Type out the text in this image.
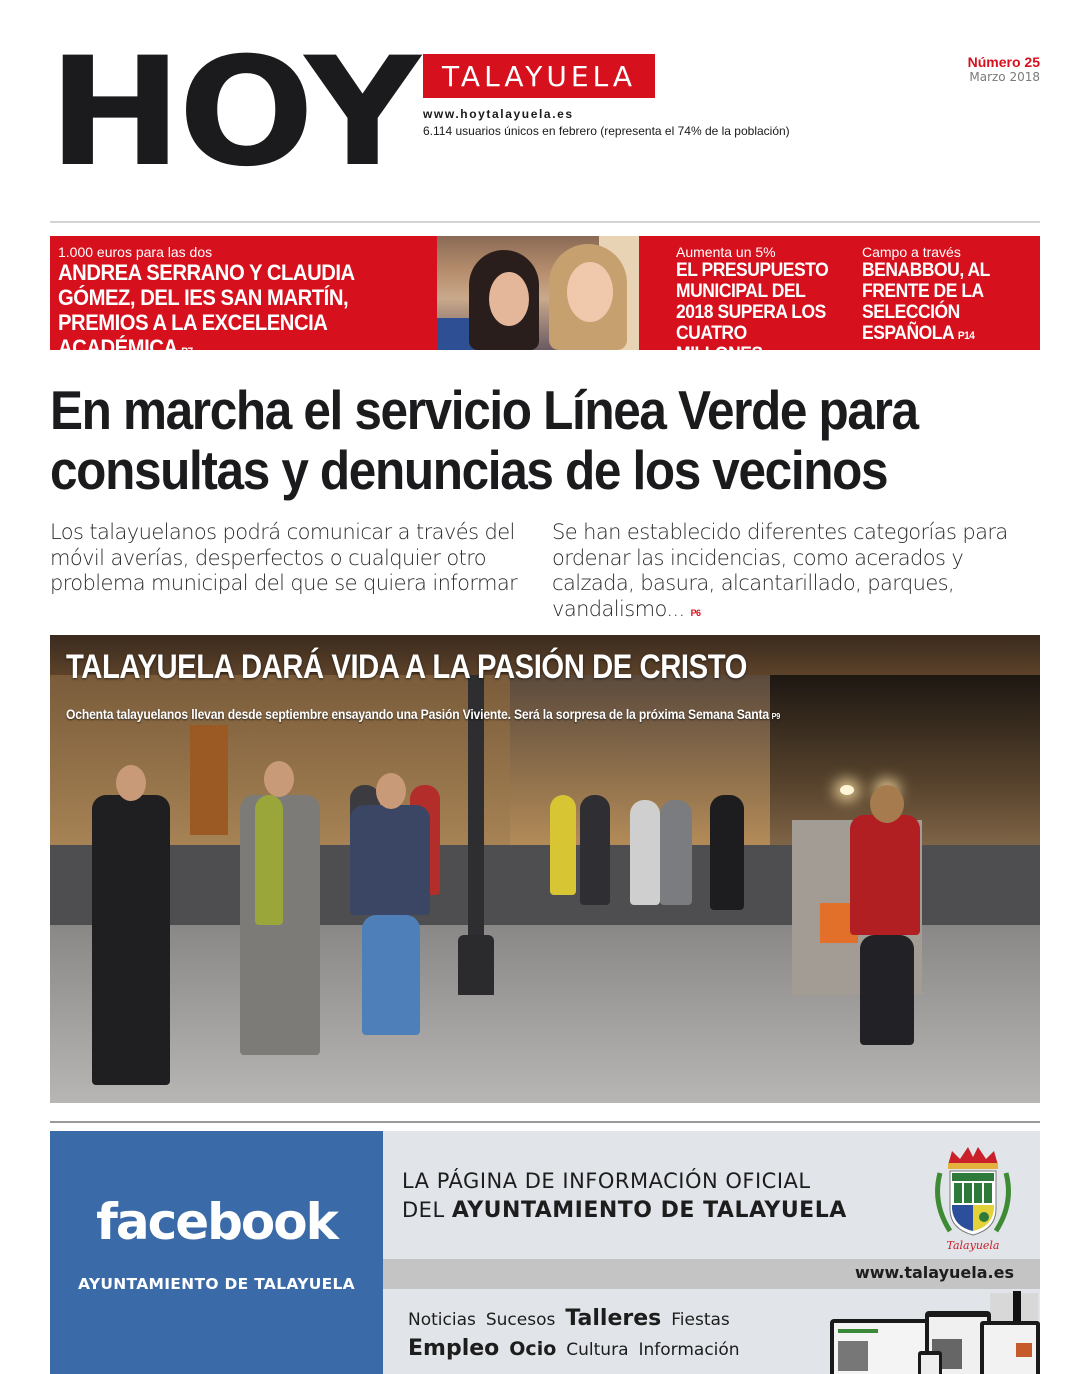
HOY TALAYUELA
www.hoytalayuela.es
6.114 usuarios únicos en febrero (representa el 74% de la población)
Número 25
Marzo 2018
1.000 euros para las dos
ANDREA SERRANO Y CLAUDIA GÓMEZ, DEL IES SAN MARTÍN, PREMIOS A LA EXCELENCIA ACADÉMICA P7
Aumenta un 5%
EL PRESUPUESTO MUNICIPAL DEL 2018 SUPERA LOS CUATRO MILLONES P3
Campo a través
BENABBOU, AL FRENTE DE LA SELECCIÓN ESPAÑOLA P14
En marcha el servicio Línea Verde para consultas y denuncias de los vecinos

Los talayuelanos podrá comunicar a través del móvil averías, desperfectos o cualquier otro problema municipal del que se quiera informar

Se han establecido diferentes categorías para ordenar las incidencias, como acerados y calzada, basura, alcantarillado, parques, vandalismo... P6

TALAYUELA DARÁ VIDA A LA PASIÓN DE CRISTO
Ochenta talayuelanos llevan desde septiembre ensayando una Pasión Viviente. Será la sorpresa de la próxima Semana Santa P9
facebook
AYUNTAMIENTO DE TALAYUELA
LA PÁGINA DE INFORMACIÓN OFICIAL
DEL AYUNTAMIENTO DE TALAYUELA
Talayuela
www.talayuela.es
Noticias Sucesos Talleres Fiestas
Empleo Ocio Cultura Información
